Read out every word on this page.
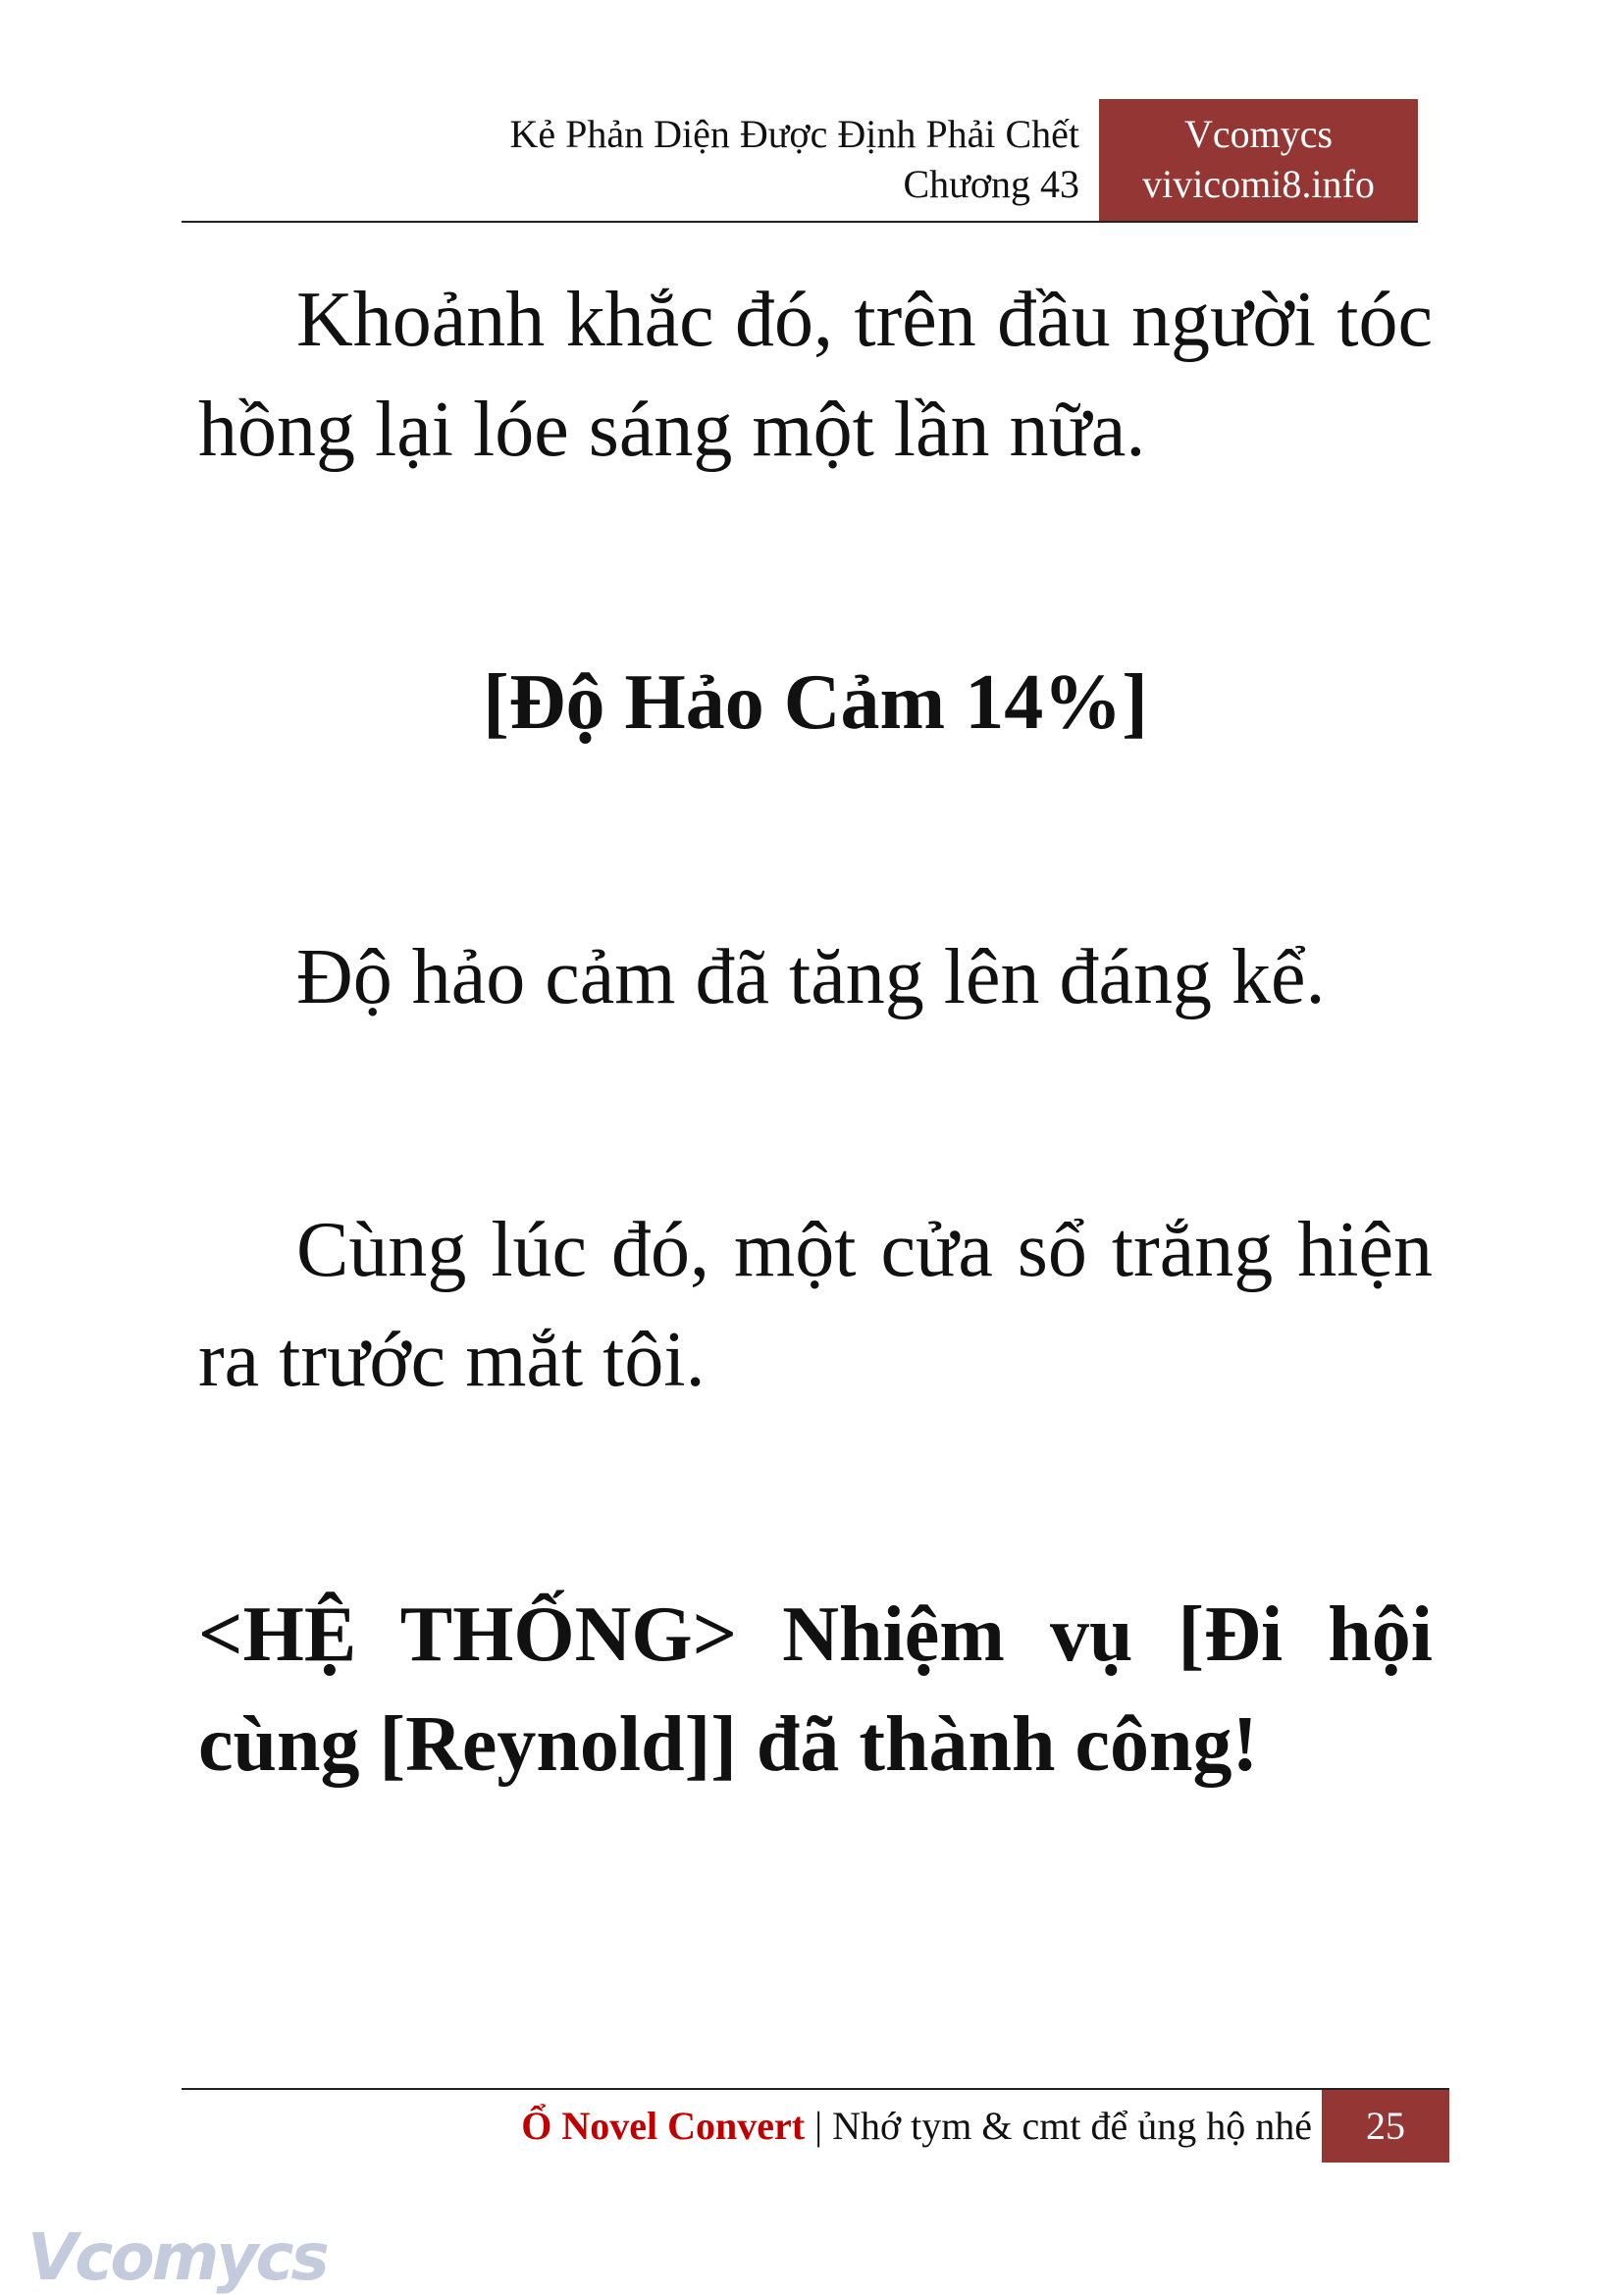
Kẻ Phản Diện Được Định Phải Chết
Chương 43
Vcomycs
vivicomi8.info

Khoảnh khắc đó, trên đầu người tóc hồng lại lóe sáng một lần nữa.

[Độ Hảo Cảm 14%]

Độ hảo cảm đã tăng lên đáng kể.

Cùng lúc đó, một cửa sổ trắng hiện ra trước mắt tôi.

<HỆ THỐNG> Nhiệm vụ [Đi hội cùng [Reynold]] đã thành công!

Ổ Novel Convert | Nhớ tym & cmt để ủng hộ nhé	25
Vcomycs
